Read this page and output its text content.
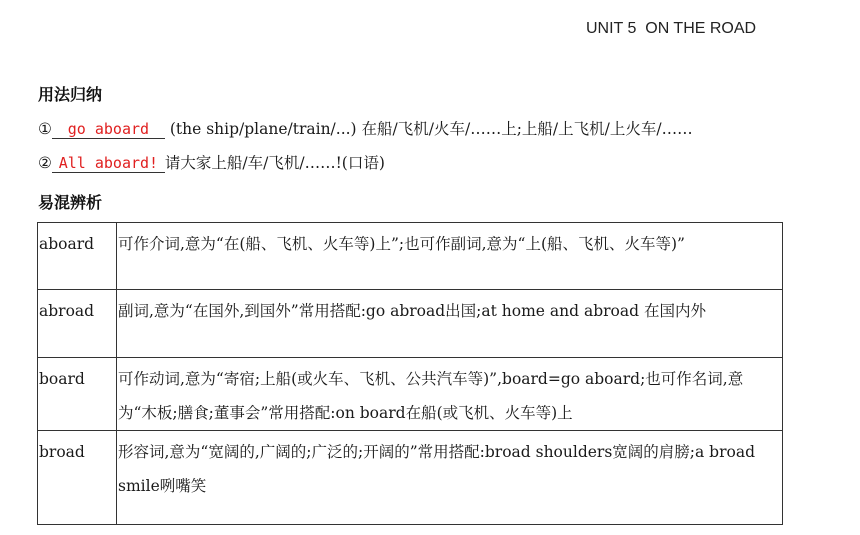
UNIT 5  ON THE ROAD
用法归纳
① go aboard (the ship/plane/train/...) 在船/飞机/火车/……上;上船/上飞机/上火车/……
② All aboard! 请大家上船/车/飞机/……!(口语)
易混辨析
aboard	可作介词,意为“在(船、飞机、火车等)上”;也可作副词,意为“上(船、飞机、火车等)”
abroad	副词,意为“在国外,到国外”常用搭配:go abroad出国;at home and abroad 在国内外
board	可作动词,意为“寄宿;上船(或火车、飞机、公共汽车等)”,board=go aboard;也可作名词,意为“木板;膳食;董事会”常用搭配:on board在船(或飞机、火车等)上
broad	形容词,意为“宽阔的,广阔的;广泛的;开阔的”常用搭配:broad shoulders宽阔的肩膀;a broad smile咧嘴笑
